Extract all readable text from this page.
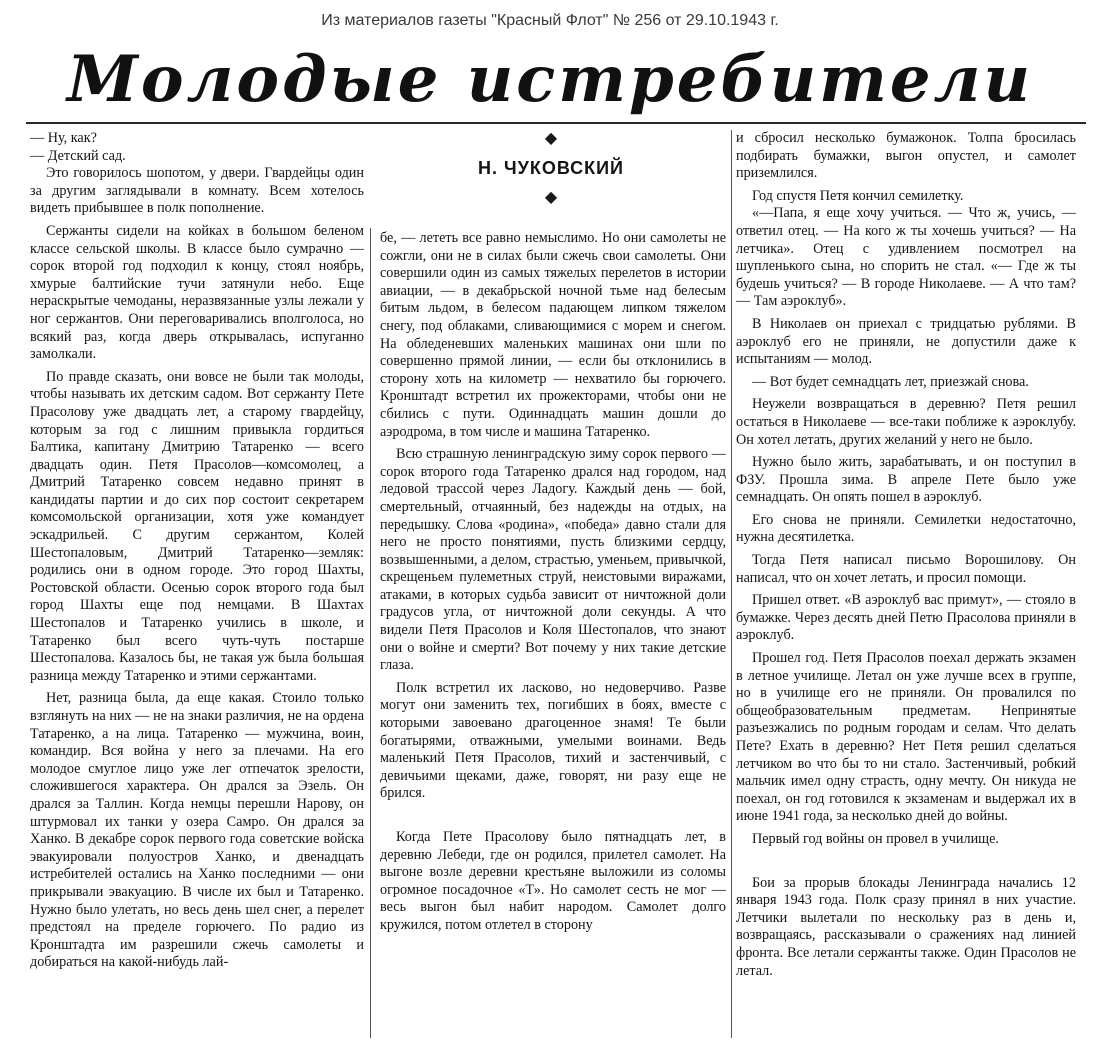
Из материалов газеты "Красный Флот" № 256 от 29.10.1943 г.
Молодые истребители

— Ну, как?

— Детский сад.

Это говорилось шопотом, у двери. Гвардейцы один за другим заглядывали в комнату. Всем хотелось видеть прибывшее в полк пополнение.

Сержанты сидели на койках в большом беленом классе сельской школы. В классе было сумрачно — сорок второй год подходил к концу, стоял ноябрь, хмурые балтийские тучи затянули небо. Еще нераскрытые чемоданы, неразвязанные узлы лежали у ног сержантов. Они переговаривались вполголоса, но всякий раз, когда дверь открывалась, испуганно замолкали.

По правде сказать, они вовсе не были так молоды, чтобы называть их детским садом. Вот сержанту Пете Прасолову уже двадцать лет, а старому гвардейцу, которым за год с лишним привыкла гордиться Балтика, капитану Дмитрию Татаренко — всего двадцать один. Петя Прасолов—комсомолец, а Дмитрий Татаренко совсем недавно принят в кандидаты партии и до сих пор состоит секретарем комсомольской организации, хотя уже командует эскадрильей. С другим сержантом, Колей Шестопаловым, Дмитрий Татаренко—земляк: родились они в одном городе. Это город Шахты, Ростовской области. Осенью сорок второго года был город Шахты еще под немцами. В Шахтах Шестопалов и Татаренко учились в школе, и Татаренко был всего чуть-чуть постарше Шестопалова. Казалось бы, не такая уж была большая разница между Татаренко и этими сержантами.

Нет, разница была, да еще какая. Стоило только взглянуть на них — не на знаки различия, не на ордена Татаренко, а на лица. Татаренко — мужчина, воин, командир. Вся война у него за плечами. На его молодое смуглое лицо уже лег отпечаток зрелости, сложившегося характера. Он дрался за Эзель. Он дрался за Таллин. Когда немцы перешли Нарову, он штурмовал их танки у озера Самро. Он дрался за Ханко. В декабре сорок первого года советские войска эвакуировали полуостров Ханко, и двенадцать истребителей остались на Ханко последними — они прикрывали эвакуацию. В числе их был и Татаренко. Нужно было улетать, но весь день шел снег, а перелет предстоял на пределе горючего. По радио из Кронштадта им разрешили сжечь самолеты и добираться на какой-нибудь лай-

◆
Н. ЧУКОВСКИЙ
◆

бе, — лететь все равно немыслимо. Но они самолеты не сожгли, они не в силах были сжечь свои самолеты. Они совершили один из самых тяжелых перелетов в истории авиации, — в декабрьской ночной тьме над белесым битым льдом, в белесом падающем липком тяжелом снегу, под облаками, сливающимися с морем и снегом. На обледеневших маленьких машинах они шли по совершенно прямой линии, — если бы отклонились в сторону хоть на километр — нехватило бы горючего. Кронштадт встретил их прожекторами, чтобы они не сбились с пути. Одиннадцать машин дошли до аэродрома, в том числе и машина Татаренко.

Всю страшную ленинградскую зиму сорок первого — сорок второго года Татаренко дрался над городом, над ледовой трассой через Ладогу. Каждый день — бой, смертельный, отчаянный, без надежды на отдых, на передышку. Слова «родина», «победа» давно стали для него не просто понятиями, пусть близкими сердцу, возвышенными, а делом, страстью, уменьем, привычкой, скрещеньем пулеметных струй, неистовыми виражами, атаками, в которых судьба зависит от ничтожной доли градусов угла, от ничтожной доли секунды. А что видели Петя Прасолов и Коля Шестопалов, что знают они о войне и смерти? Вот почему у них такие детские глаза.

Полк встретил их ласково, но недоверчиво. Разве могут они заменить тех, погибших в боях, вместе с которыми завоевано драгоценное знамя! Те были богатырями, отважными, умелыми воинами. Ведь маленький Петя Прасолов, тихий и застенчивый, с девичьими щеками, даже, говорят, ни разу еще не брился.

Когда Пете Прасолову было пятнадцать лет, в деревню Лебеди, где он родился, прилетел самолет. На выгоне возле деревни крестьяне выложили из соломы огромное посадочное «Т». Но самолет сесть не мог — весь выгон был набит народом. Самолет долго кружился, потом отлетел в сторону

и сбросил несколько бумажонок. Толпа бросилась подбирать бумажки, выгон опустел, и самолет приземлился.

Год спустя Петя кончил семилетку.

«—Папа, я еще хочу учиться. — Что ж, учись, — ответил отец. — На кого ж ты хочешь учиться? — На летчика». Отец с удивлением посмотрел на шупленького сына, но спорить не стал. «— Где ж ты будешь учиться? — В городе Николаеве. — А что там? — Там аэроклуб».

В Николаев он приехал с тридцатью рублями. В аэроклуб его не приняли, не допустили даже к испытаниям — молод.

— Вот будет семнадцать лет, приезжай снова.

Неужели возвращаться в деревню? Петя решил остаться в Николаеве — все-таки поближе к аэроклубу. Он хотел летать, других желаний у него не было.

Нужно было жить, зарабатывать, и он поступил в ФЗУ. Прошла зима. В апреле Пете было уже семнадцать. Он опять пошел в аэроклуб.

Его снова не приняли. Семилетки недостаточно, нужна десятилетка.

Тогда Петя написал письмо Ворошилову. Он написал, что он хочет летать, и просил помощи.

Пришел ответ. «В аэроклуб вас примут», — стояло в бумажке. Через десять дней Петю Прасолова приняли в аэроклуб.

Прошел год. Петя Прасолов поехал держать экзамен в летное училище. Летал он уже лучше всех в группе, но в училище его не приняли. Он провалился по общеобразовательным предметам. Непринятые разъезжались по родным городам и селам. Что делать Пете? Ехать в деревню? Нет Петя решил сделаться летчиком во что бы то ни стало. Застенчивый, робкий мальчик имел одну страсть, одну мечту. Он никуда не поехал, он год готовился к экзаменам и выдержал их в июне 1941 года, за несколько дней до войны.

Первый год войны он провел в училище.

Бои за прорыв блокады Ленинграда начались 12 января 1943 года. Полк сразу принял в них участие. Летчики вылетали по нескольку раз в день и, возвращаясь, рассказывали о сражениях над линией фронта. Все летали сержанты также. Один Прасолов не летал.
